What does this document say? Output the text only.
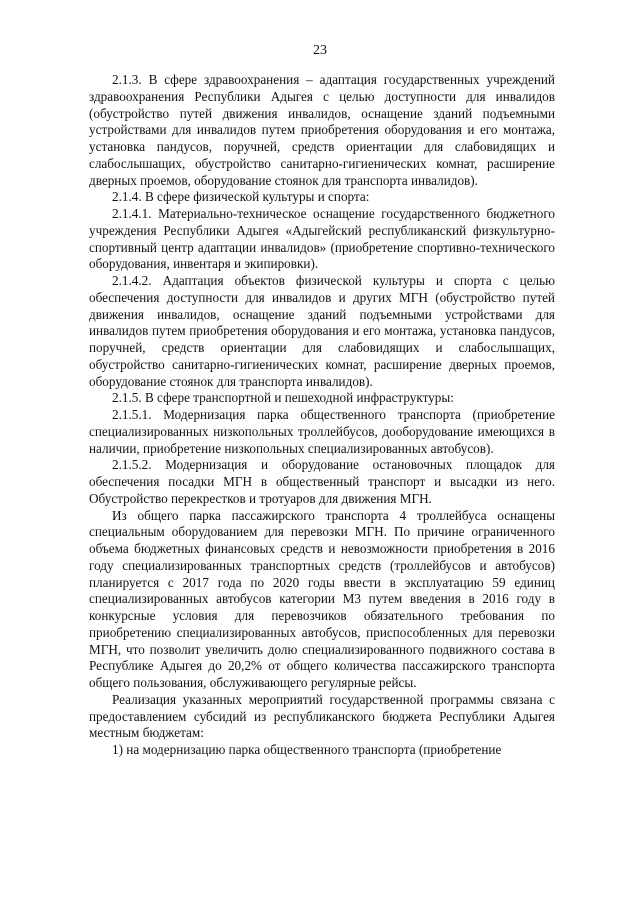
23

2.1.3. В сфере здравоохранения – адаптация государственных учреждений здравоохранения Республики Адыгея с целью доступности для инвалидов (обустройство путей движения инвалидов, оснащение зданий подъемными устройствами для инвалидов путем приобретения оборудования и его монтажа, установка пандусов, поручней, средств ориентации для слабовидящих и слабослышащих, обустройство санитарно-гигиенических комнат, расширение дверных проемов, оборудование стоянок для транспорта инвалидов).

2.1.4. В сфере физической культуры и спорта:

2.1.4.1. Материально-техническое оснащение государственного бюджетного учреждения Республики Адыгея «Адыгейский республиканский физкультурно-спортивный центр адаптации инвалидов» (приобретение спортивно-технического оборудования, инвентаря и экипировки).

2.1.4.2. Адаптация объектов физической культуры и спорта с целью обеспечения доступности для инвалидов и других МГН (обустройство путей движения инвалидов, оснащение зданий подъемными устройствами для инвалидов путем приобретения оборудования и его монтажа, установка пандусов, поручней, средств ориентации для слабовидящих и слабослышащих, обустройство санитарно-гигиенических комнат, расширение дверных проемов, оборудование стоянок для транспорта инвалидов).

2.1.5. В сфере транспортной и пешеходной инфраструктуры:

2.1.5.1. Модернизация парка общественного транспорта (приобретение специализированных низкопольных троллейбусов, дооборудование имеющихся в наличии, приобретение низкопольных специализированных автобусов).

2.1.5.2. Модернизация и оборудование остановочных площадок для обеспечения посадки МГН в общественный транспорт и высадки из него. Обустройство перекрестков и тротуаров для движения МГН.

Из общего парка пассажирского транспорта 4 троллейбуса оснащены специальным оборудованием для перевозки МГН. По причине ограниченного объема бюджетных финансовых средств и невозможности приобретения в 2016 году специализированных транспортных средств (троллейбусов и автобусов) планируется с 2017 года по 2020 годы ввести в эксплуатацию 59 единиц специализированных автобусов категории М3 путем введения в 2016 году в конкурсные условия для перевозчиков обязательного требования по приобретению специализированных автобусов, приспособленных для перевозки МГН, что позволит увеличить долю специализированного подвижного состава в Республике Адыгея до 20,2% от общего количества пассажирского транспорта общего пользования, обслуживающего регулярные рейсы.

Реализация указанных мероприятий государственной программы связана с предоставлением субсидий из республиканского бюджета Республики Адыгея местным бюджетам:

1) на модернизацию парка общественного транспорта (приобретение
